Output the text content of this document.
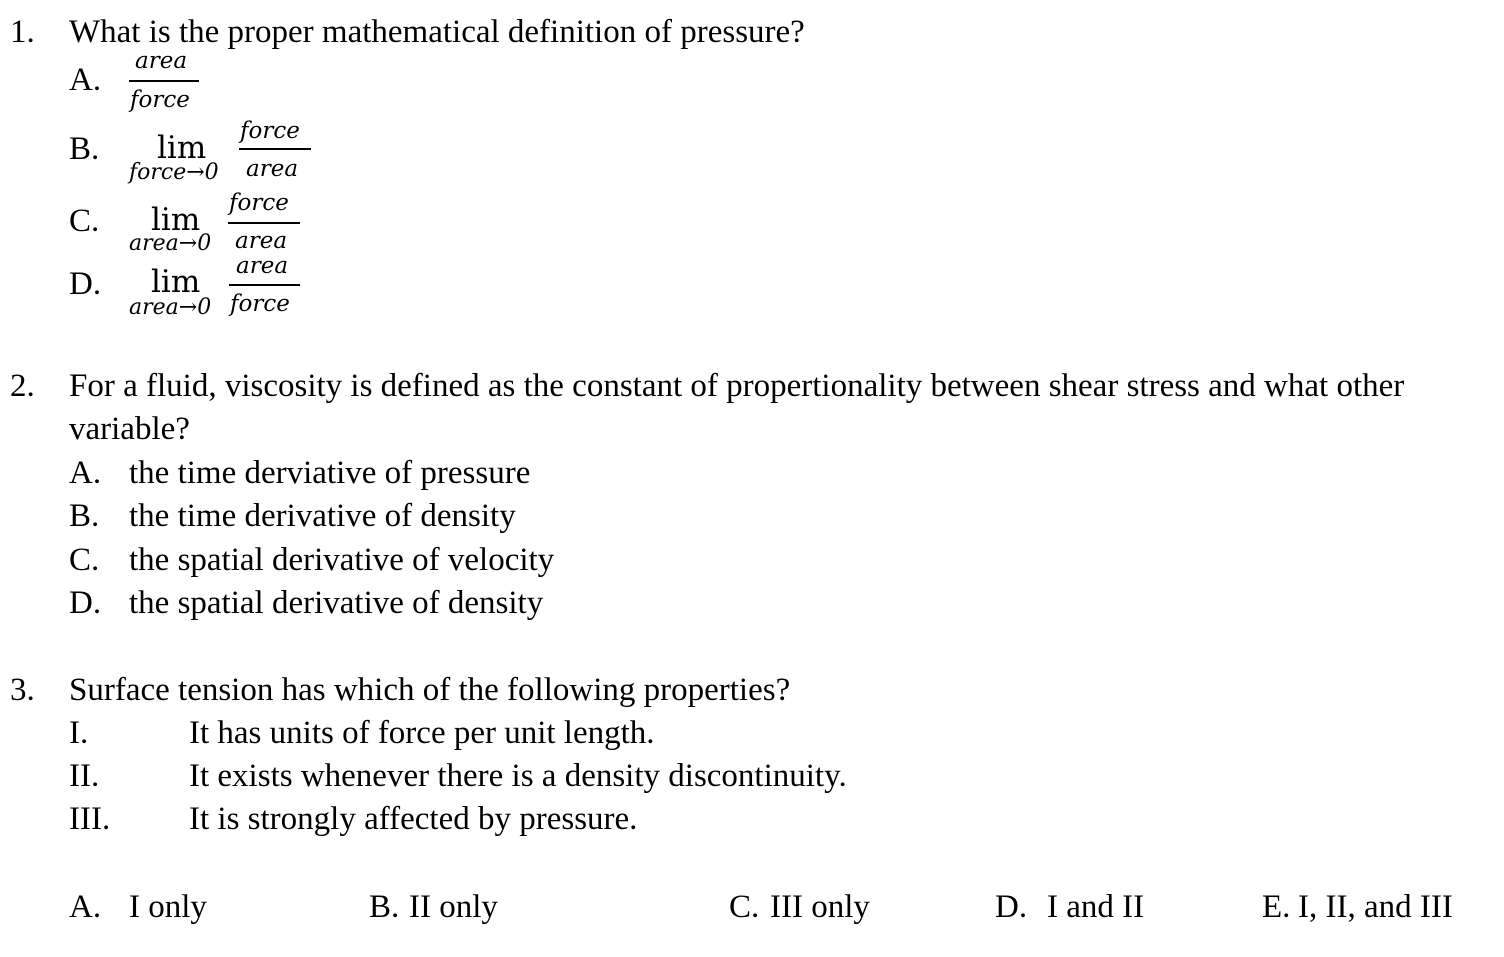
1. What is the proper mathematical definition of pressure?
A.
area
force
B. lim
force→0
force
area
C. lim
area→0
force
area
D. lim
area→0
area
force
2. For a fluid, viscosity is defined as the constant of propertionality between shear stress and what other
variable?
A. the time derviative of pressure
B. the time derivative of density
C. the spatial derivative of velocity
D. the spatial derivative of density
3. Surface tension has which of the following properties?
I.	It has units of force per unit length.
II.	It exists whenever there is a density discontinuity.
III. It is strongly affected by pressure.
A. I only	B. II only	C. III only	D. I and II	E. I, II, and III
